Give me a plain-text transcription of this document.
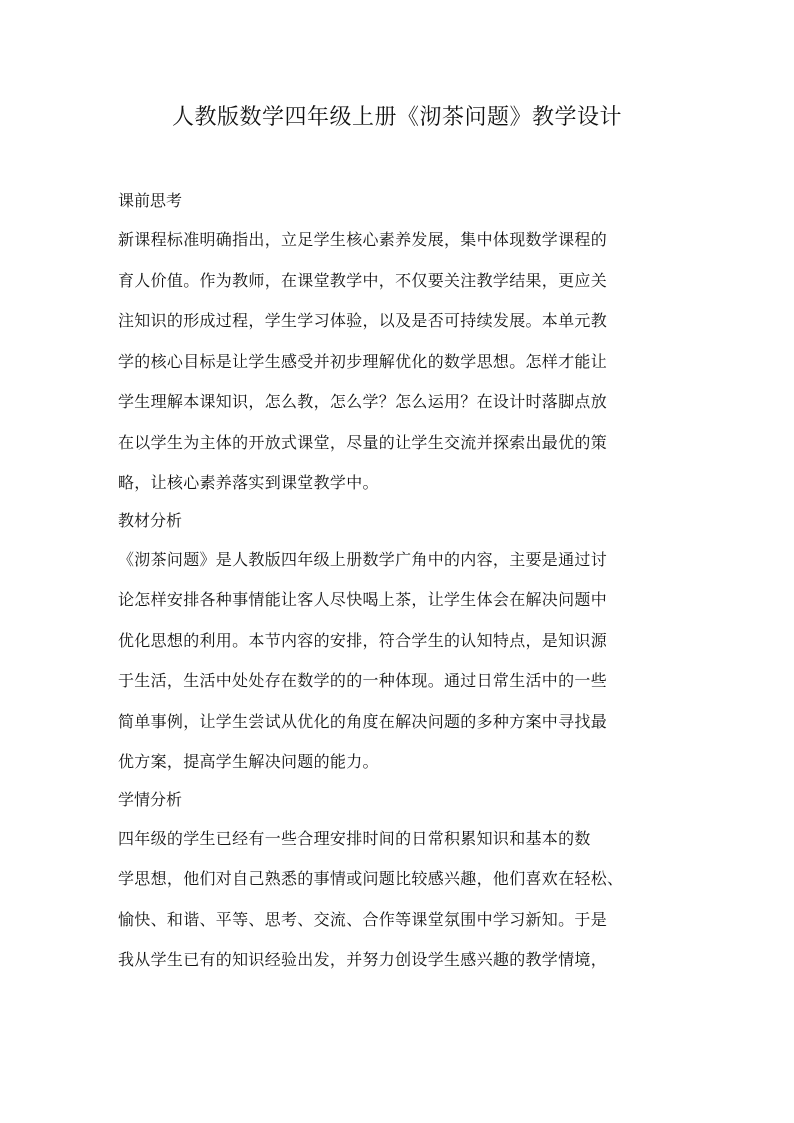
人教版数学四年级上册《沏茶问题》教学设计
课前思考
新课程标准明确指出，立足学生核心素养发展，集中体现数学课程的
育人价值。作为教师，在课堂教学中，不仅要关注教学结果，更应关
注知识的形成过程，学生学习体验，以及是否可持续发展。本单元教
学的核心目标是让学生感受并初步理解优化的数学思想。怎样才能让
学生理解本课知识，怎么教，怎么学？怎么运用？在设计时落脚点放
在以学生为主体的开放式课堂，尽量的让学生交流并探索出最优的策
略，让核心素养落实到课堂教学中。
教材分析
《沏茶问题》是人教版四年级上册数学广角中的内容，主要是通过讨
论怎样安排各种事情能让客人尽快喝上茶，让学生体会在解决问题中
优化思想的利用。本节内容的安排，符合学生的认知特点，是知识源
于生活，生活中处处存在数学的的一种体现。通过日常生活中的一些
简单事例，让学生尝试从优化的角度在解决问题的多种方案中寻找最
优方案，提高学生解决问题的能力。
学情分析
四年级的学生已经有一些合理安排时间的日常积累知识和基本的数
学思想，他们对自己熟悉的事情或问题比较感兴趣，他们喜欢在轻松、
愉快、和谐、平等、思考、交流、合作等课堂氛围中学习新知。于是
我从学生已有的知识经验出发，并努力创设学生感兴趣的教学情境，
